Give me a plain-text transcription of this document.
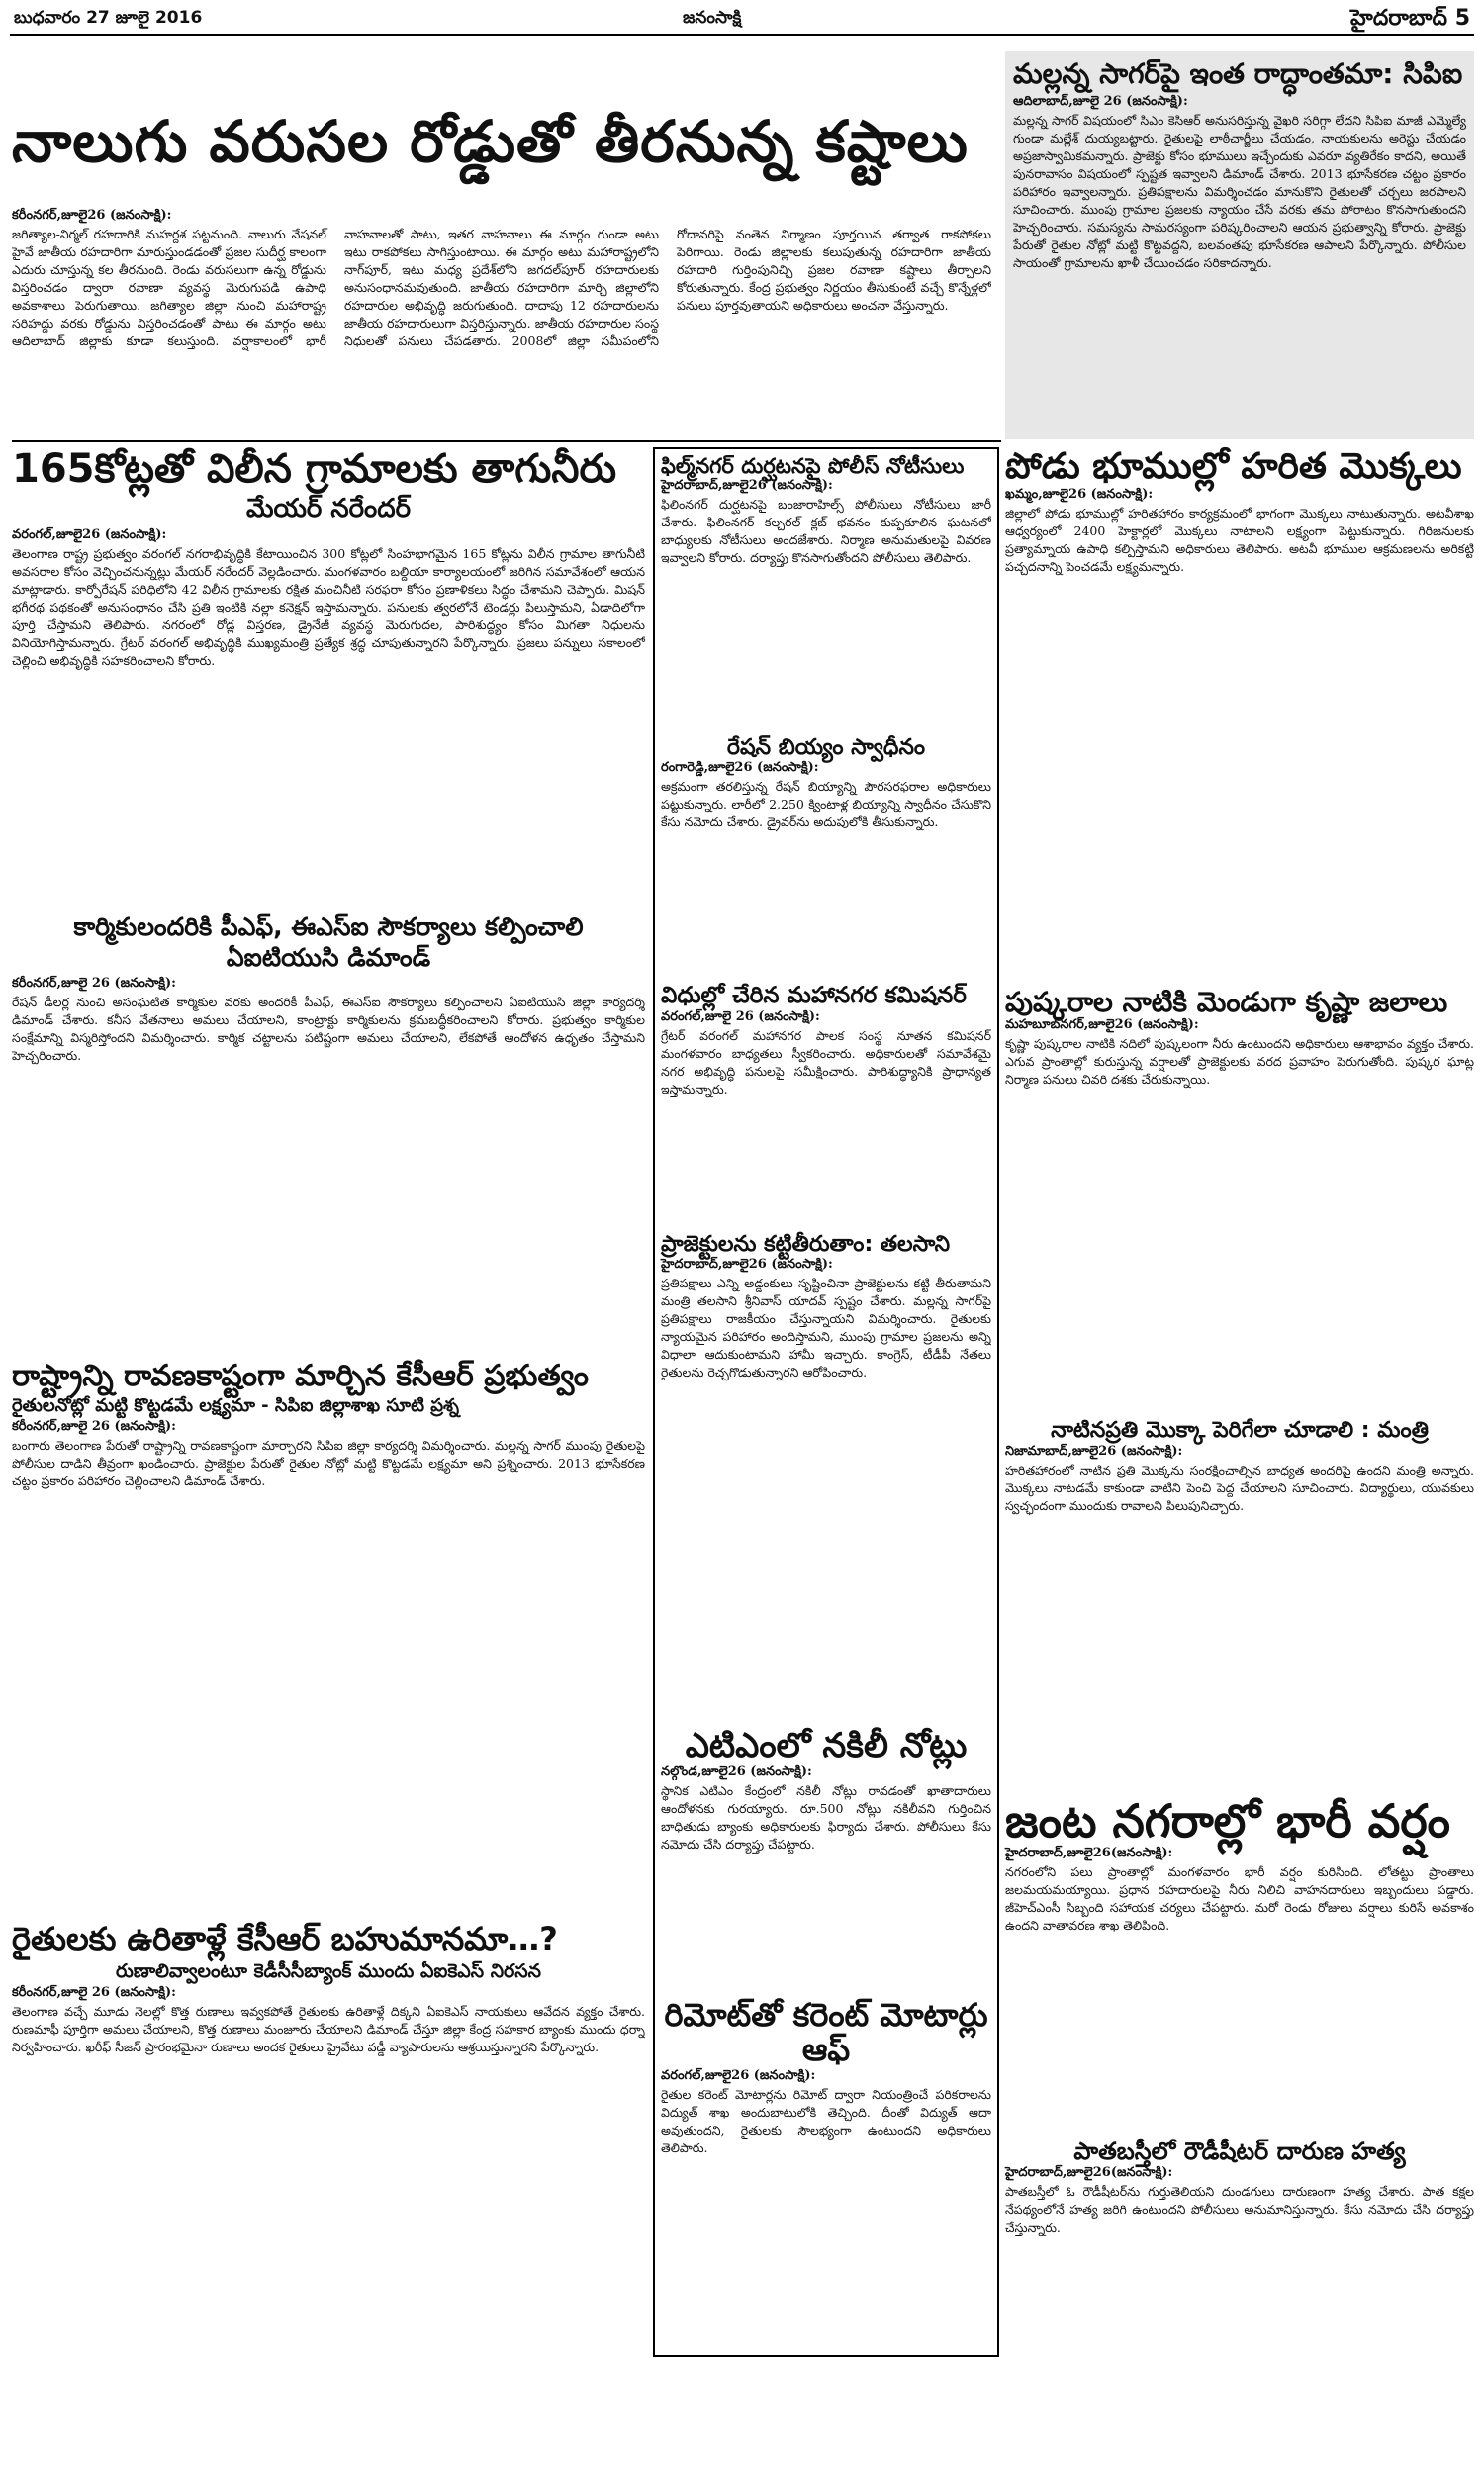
బుధవారం 27 జూలై 2016	జనంసాక్షి	హైదరాబాద్ 5
నాలుగు వరుసల రోడ్డుతో తీరనున్న కష్టాలు
కరీంనగర్,జూలై26 (జనంసాక్షి):
జగిత్యాల-నిర్మల్ రహదారికి మహర్దశ పట్టనుంది. నాలుగు నేషనల్ హైవే జాతీయ రహదారిగా మారుస్తుండడంతో ప్రజల సుదీర్ఘ కాలంగా ఎదురు చూస్తున్న కల తీరనుంది. రెండు వరుసలుగా ఉన్న రోడ్డును విస్తరించడం ద్వారా రవాణా వ్యవస్థ మెరుగుపడి ఉపాధి అవకాశాలు పెరుగుతాయి. జగిత్యాల జిల్లా నుంచి మహారాష్ట్ర సరిహద్దు వరకు రోడ్డును విస్తరించడంతో పాటు ఈ మార్గం అటు ఆదిలాబాద్ జిల్లాకు కూడా కలుస్తుంది. వర్షాకాలంలో భారీ వాహనాలతో పాటు, ఇతర వాహనాలు ఈ మార్గం గుండా అటు ఇటు రాకపోకలు సాగిస్తుంటాయి. ఈ మార్గం అటు మహారాష్ట్రలోని నాగ్‌పూర్, ఇటు మధ్య ప్రదేశ్‌లోని జగదల్‌పూర్ రహదారులకు అనుసంధానమవుతుంది. జాతీయ రహదారిగా మార్చి జిల్లాలోని రహదారుల అభివృద్ధి జరుగుతుంది. దాదాపు 12 రహదారులను జాతీయ రహదారులుగా విస్తరిస్తున్నారు. జాతీయ రహదారుల సంస్థ నిధులతో పనులు చేపడతారు. 2008లో జిల్లా సమీపంలోని గోదావరిపై వంతెన నిర్మాణం పూర్తయిన తర్వాత రాకపోకలు పెరిగాయి. రెండు జిల్లాలకు కలుపుతున్న రహదారిగా జాతీయ రహదారి గుర్తింపునిచ్చి ప్రజల రవాణా కష్టాలు తీర్చాలని కోరుతున్నారు. కేంద్ర ప్రభుత్వం నిర్ణయం తీసుకుంటే వచ్చే కొన్నేళ్లలో పనులు పూర్తవుతాయని అధికారులు అంచనా వేస్తున్నారు.
మల్లన్న సాగర్‌పై ఇంత రాద్ధాంతమా: సిపిఐ
ఆదిలాబాద్,జూలై 26 (జనంసాక్షి):
మల్లన్న సాగర్ విషయంలో సిఎం కెసిఆర్ అనుసరిస్తున్న వైఖరి సరిగ్గా లేదని సిపిఐ మాజీ ఎమ్మెల్యే గుండా మల్లేశ్ దుయ్యబట్టారు. రైతులపై లాఠీచార్జీలు చేయడం, నాయకులను అరెస్టు చేయడం అప్రజాస్వామికమన్నారు. ప్రాజెక్టు కోసం భూములు ఇచ్చేందుకు ఎవరూ వ్యతిరేకం కాదని, అయితే పునరావాసం విషయంలో స్పష్టత ఇవ్వాలని డిమాండ్ చేశారు. 2013 భూసేకరణ చట్టం ప్రకారం పరిహారం ఇవ్వాలన్నారు. ప్రతిపక్షాలను విమర్శించడం మానుకొని రైతులతో చర్చలు జరపాలని సూచించారు. ముంపు గ్రామాల ప్రజలకు న్యాయం చేసే వరకు తమ పోరాటం కొనసాగుతుందని హెచ్చరించారు. సమస్యను సామరస్యంగా పరిష్కరించాలని ఆయన ప్రభుత్వాన్ని కోరారు. ప్రాజెక్టు పేరుతో రైతుల నోట్లో మట్టి కొట్టవద్దని, బలవంతపు భూసేకరణ ఆపాలని పేర్కొన్నారు. పోలీసుల సాయంతో గ్రామాలను ఖాళీ చేయించడం సరికాదన్నారు.
165కోట్లతో విలీన గ్రామాలకు తాగునీరు
మేయర్ నరేందర్
వరంగల్,జూలై26 (జనంసాక్షి):
తెలంగాణ రాష్ట్ర ప్రభుత్వం వరంగల్ నగరాభివృద్ధికి కేటాయించిన 300 కోట్లలో సింహభాగమైన 165 కోట్లను విలీన గ్రామాల తాగునీటి అవసరాల కోసం వెచ్చించనున్నట్లు మేయర్ నరేందర్ వెల్లడించారు. మంగళవారం బల్దియా కార్యాలయంలో జరిగిన సమావేశంలో ఆయన మాట్లాడారు. కార్పోరేషన్ పరిధిలోని 42 విలీన గ్రామాలకు రక్షిత మంచినీటి సరఫరా కోసం ప్రణాళికలు సిద్ధం చేశామని చెప్పారు. మిషన్ భగీరథ పథకంతో అనుసంధానం చేసి ప్రతి ఇంటికి నల్లా కనెక్షన్ ఇస్తామన్నారు. పనులకు త్వరలోనే టెండర్లు పిలుస్తామని, ఏడాదిలోగా పూర్తి చేస్తామని తెలిపారు. నగరంలో రోడ్ల విస్తరణ, డ్రైనేజీ వ్యవస్థ మెరుగుదల, పారిశుద్ధ్యం కోసం మిగతా నిధులను వినియోగిస్తామన్నారు. గ్రేటర్ వరంగల్ అభివృద్ధికి ముఖ్యమంత్రి ప్రత్యేక శ్రద్ధ చూపుతున్నారని పేర్కొన్నారు. ప్రజలు పన్నులు సకాలంలో చెల్లించి అభివృద్ధికి సహకరించాలని కోరారు.
కార్మికులందరికి పీఎఫ్, ఈఎస్ఐ సౌకర్యాలు కల్పించాలి
ఏఐటియుసి డిమాండ్
కరీంనగర్,జూలై 26 (జనంసాక్షి):
రేషన్ డీలర్ల నుంచి అసంఘటిత కార్మికుల వరకు అందరికీ పీఎఫ్, ఈఎస్ఐ సౌకర్యాలు కల్పించాలని ఏఐటియుసి జిల్లా కార్యదర్శి డిమాండ్ చేశారు. కనీస వేతనాలు అమలు చేయాలని, కాంట్రాక్టు కార్మికులను క్రమబద్ధీకరించాలని కోరారు. ప్రభుత్వం కార్మికుల సంక్షేమాన్ని విస్మరిస్తోందని విమర్శించారు. కార్మిక చట్టాలను పటిష్టంగా అమలు చేయాలని, లేకపోతే ఆందోళన ఉధృతం చేస్తామని హెచ్చరించారు.
రాష్ట్రాన్ని రావణకాష్టంగా మార్చిన కేసీఆర్ ప్రభుత్వం
రైతులనోట్లో మట్టి కొట్టడమే లక్ష్యమా - సిపిఐ జిల్లాశాఖ సూటి ప్రశ్న
కరీంనగర్,జూలై 26 (జనంసాక్షి):
బంగారు తెలంగాణ పేరుతో రాష్ట్రాన్ని రావణకాష్టంగా మార్చారని సిపిఐ జిల్లా కార్యదర్శి విమర్శించారు. మల్లన్న సాగర్ ముంపు రైతులపై పోలీసుల దాడిని తీవ్రంగా ఖండించారు. ప్రాజెక్టుల పేరుతో రైతుల నోట్లో మట్టి కొట్టడమే లక్ష్యమా అని ప్రశ్నించారు. 2013 భూసేకరణ చట్టం ప్రకారం పరిహారం చెల్లించాలని డిమాండ్ చేశారు.
రైతులకు ఉరితాళ్లే కేసీఆర్ బహుమానమా…?
రుణాలివ్వాలంటూ కెడీసీసీబ్యాంక్ ముందు ఏఐకెఎస్ నిరసన
కరీంనగర్,జూలై 26 (జనంసాక్షి):
తెలంగాణ వచ్చే మూడు నెలల్లో కొత్త రుణాలు ఇవ్వకపోతే రైతులకు ఉరితాళ్లే దిక్కని ఏఐకెఎస్ నాయకులు ఆవేదన వ్యక్తం చేశారు. రుణమాఫీ పూర్తిగా అమలు చేయాలని, కొత్త రుణాలు మంజూరు చేయాలని డిమాండ్ చేస్తూ జిల్లా కేంద్ర సహకార బ్యాంకు ముందు ధర్నా నిర్వహించారు. ఖరీఫ్ సీజన్ ప్రారంభమైనా రుణాలు అందక రైతులు ప్రైవేటు వడ్డీ వ్యాపారులను ఆశ్రయిస్తున్నారని పేర్కొన్నారు.
ఫిల్మ్‌నగర్ దుర్ఘటనపై పోలీస్ నోటీసులు
హైదరాబాద్,జూలై26 (జనంసాక్షి):
ఫిలింనగర్ దుర్ఘటనపై బంజారాహిల్స్ పోలీసులు నోటీసులు జారీ చేశారు. ఫిలింనగర్ కల్చరల్ క్లబ్ భవనం కుప్పకూలిన ఘటనలో బాధ్యులకు నోటీసులు అందజేశారు. నిర్మాణ అనుమతులపై వివరణ ఇవ్వాలని కోరారు. దర్యాప్తు కొనసాగుతోందని పోలీసులు తెలిపారు.
రేషన్ బియ్యం స్వాధీనం
రంగారెడ్డి,జూలై26 (జనంసాక్షి):
అక్రమంగా తరలిస్తున్న రేషన్ బియ్యాన్ని పౌరసరఫరాల అధికారులు పట్టుకున్నారు. లారీలో 2,250 క్వింటాళ్ల బియ్యాన్ని స్వాధీనం చేసుకొని కేసు నమోదు చేశారు. డ్రైవర్‌ను అదుపులోకి తీసుకున్నారు.
విధుల్లో చేరిన మహానగర కమిషనర్
వరంగల్,జూలై 26 (జనంసాక్షి):
గ్రేటర్ వరంగల్ మహానగర పాలక సంస్థ నూతన కమిషనర్ మంగళవారం బాధ్యతలు స్వీకరించారు. అధికారులతో సమావేశమై నగర అభివృద్ధి పనులపై సమీక్షించారు. పారిశుద్ధ్యానికి ప్రాధాన్యత ఇస్తామన్నారు.
ప్రాజెక్టులను కట్టితీరుతాం: తలసాని
హైదరాబాద్,జూలై26 (జనంసాక్షి):
ప్రతిపక్షాలు ఎన్ని అడ్డంకులు సృష్టించినా ప్రాజెక్టులను కట్టి తీరుతామని మంత్రి తలసాని శ్రీనివాస్ యాదవ్ స్పష్టం చేశారు. మల్లన్న సాగర్‌పై ప్రతిపక్షాలు రాజకీయం చేస్తున్నాయని విమర్శించారు. రైతులకు న్యాయమైన పరిహారం అందిస్తామని, ముంపు గ్రామాల ప్రజలను అన్ని విధాలా ఆదుకుంటామని హామీ ఇచ్చారు. కాంగ్రెస్, టీడీపీ నేతలు రైతులను రెచ్చగొడుతున్నారని ఆరోపించారు.
ఎటిఎంలో నకిలీ నోట్లు
నల్గొండ,జూలై26 (జనంసాక్షి):
స్థానిక ఎటిఎం కేంద్రంలో నకిలీ నోట్లు రావడంతో ఖాతాదారులు ఆందోళనకు గురయ్యారు. రూ.500 నోట్లు నకిలీవని గుర్తించిన బాధితుడు బ్యాంకు అధికారులకు ఫిర్యాదు చేశారు. పోలీసులు కేసు నమోదు చేసి దర్యాప్తు చేపట్టారు.
రిమోట్‌తో కరెంట్ మోటార్లు ఆఫ్
వరంగల్,జూలై26 (జనంసాక్షి):
రైతుల కరెంట్ మోటార్లను రిమోట్ ద్వారా నియంత్రించే పరికరాలను విద్యుత్ శాఖ అందుబాటులోకి తెచ్చింది. దీంతో విద్యుత్ ఆదా అవుతుందని, రైతులకు సౌలభ్యంగా ఉంటుందని అధికారులు తెలిపారు.
పోడు భూముల్లో హరిత మొక్కలు
ఖమ్మం,జూలై26 (జనంసాక్షి):
జిల్లాలో పోడు భూముల్లో హరితహారం కార్యక్రమంలో భాగంగా మొక్కలు నాటుతున్నారు. అటవీశాఖ ఆధ్వర్యంలో 2400 హెక్టార్లలో మొక్కలు నాటాలని లక్ష్యంగా పెట్టుకున్నారు. గిరిజనులకు ప్రత్యామ్నాయ ఉపాధి కల్పిస్తామని అధికారులు తెలిపారు. అటవీ భూముల ఆక్రమణలను అరికట్టి పచ్చదనాన్ని పెంచడమే లక్ష్యమన్నారు.
పుష్కరాల నాటికి మెండుగా కృష్ణా జలాలు
మహబూబ్‌నగర్,జూలై26 (జనంసాక్షి):
కృష్ణా పుష్కరాల నాటికి నదిలో పుష్కలంగా నీరు ఉంటుందని అధికారులు ఆశాభావం వ్యక్తం చేశారు. ఎగువ ప్రాంతాల్లో కురుస్తున్న వర్షాలతో ప్రాజెక్టులకు వరద ప్రవాహం పెరుగుతోంది. పుష్కర ఘాట్ల నిర్మాణ పనులు చివరి దశకు చేరుకున్నాయి.
నాటినప్రతి మొక్కా పెరిగేలా చూడాలి : మంత్రి
నిజామాబాద్,జూలై26 (జనంసాక్షి):
హరితహారంలో నాటిన ప్రతి మొక్కను సంరక్షించాల్సిన బాధ్యత అందరిపై ఉందని మంత్రి అన్నారు. మొక్కలు నాటడమే కాకుండా వాటిని పెంచి పెద్ద చేయాలని సూచించారు. విద్యార్థులు, యువకులు స్వచ్ఛందంగా ముందుకు రావాలని పిలుపునిచ్చారు.
జంట నగరాల్లో భారీ వర్షం
హైదరాబాద్,జూలై26(జనంసాక్షి):
నగరంలోని పలు ప్రాంతాల్లో మంగళవారం భారీ వర్షం కురిసింది. లోతట్టు ప్రాంతాలు జలమయమయ్యాయి. ప్రధాన రహదారులపై నీరు నిలిచి వాహనదారులు ఇబ్బందులు పడ్డారు. జీహెచ్ఎంసీ సిబ్బంది సహాయక చర్యలు చేపట్టారు. మరో రెండు రోజులు వర్షాలు కురిసే అవకాశం ఉందని వాతావరణ శాఖ తెలిపింది.
పాతబస్తీలో రౌడీషీటర్ దారుణ హత్య
హైదరాబాద్,జూలై26(జనంసాక్షి):
పాతబస్తీలో ఓ రౌడీషీటర్‌ను గుర్తుతెలియని దుండగులు దారుణంగా హత్య చేశారు. పాత కక్షల నేపథ్యంలోనే హత్య జరిగి ఉంటుందని పోలీసులు అనుమానిస్తున్నారు. కేసు నమోదు చేసి దర్యాప్తు చేస్తున్నారు.
